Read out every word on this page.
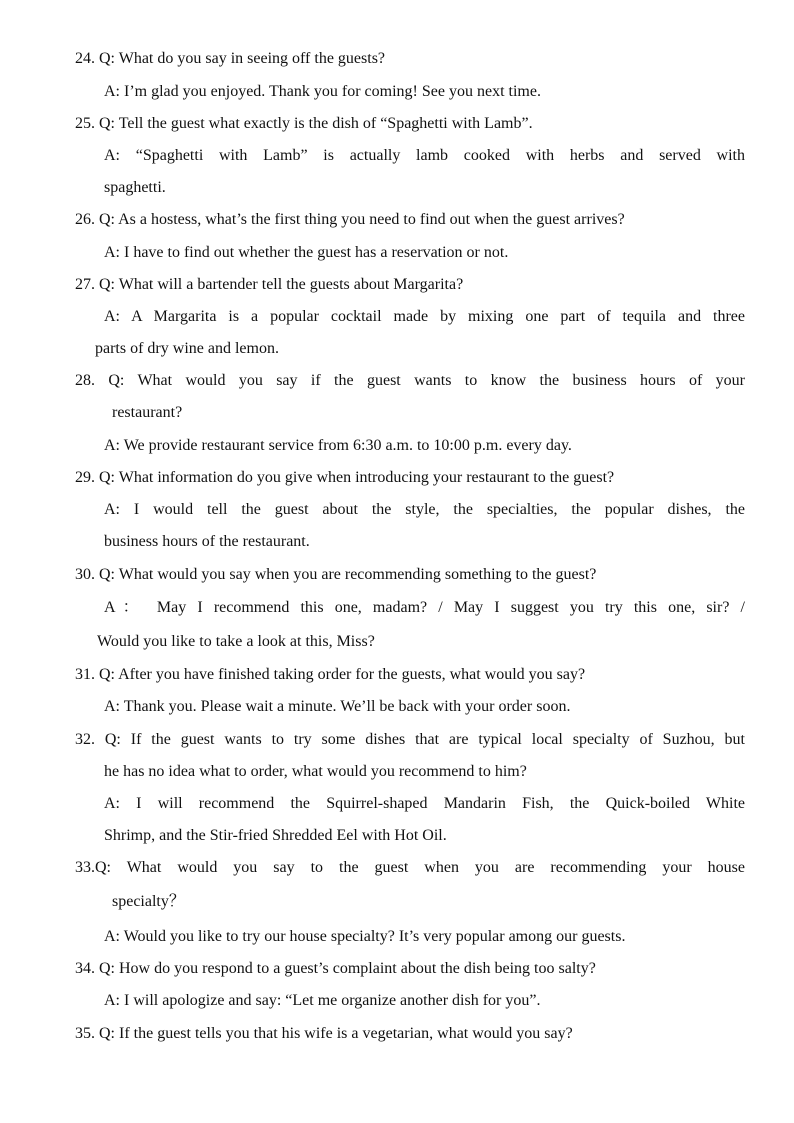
24. Q: What do you say in seeing off the guests?
A: I’m glad you enjoyed. Thank you for coming! See you next time.
25. Q: Tell the guest what exactly is the dish of “Spaghetti with Lamb”.
A: “Spaghetti with Lamb” is actually lamb cooked with herbs and served with
spaghetti.
26. Q: As a hostess, what’s the first thing you need to find out when the guest arrives?
A: I have to find out whether the guest has a reservation or not.
27. Q: What will a bartender tell the guests about Margarita?
A: A Margarita is a popular cocktail made by mixing one part of tequila and three
parts of dry wine and lemon.
28. Q: What would you say if the guest wants to know the business hours of your
restaurant?
A: We provide restaurant service from 6:30 a.m. to 10:00 p.m. every day.
29. Q: What information do you give when introducing your restaurant to the guest?
A: I would tell the guest about the style, the specialties, the popular dishes, the
business hours of the restaurant.
30. Q: What would you say when you are recommending something to the guest?
A： May I recommend this one, madam? / May I suggest you try this one, sir? /
Would you like to take a look at this, Miss?
31. Q: After you have finished taking order for the guests, what would you say?
A: Thank you. Please wait a minute. We’ll be back with your order soon.
32. Q: If the guest wants to try some dishes that are typical local specialty of Suzhou, but
he has no idea what to order, what would you recommend to him?
A: I will recommend the Squirrel-shaped Mandarin Fish, the Quick-boiled White
Shrimp, and the Stir-fried Shredded Eel with Hot Oil.
33.Q: What would you say to the guest when you are recommending your house
specialty？
A: Would you like to try our house specialty? It’s very popular among our guests.
34. Q: How do you respond to a guest’s complaint about the dish being too salty?
A: I will apologize and say: “Let me organize another dish for you”.
35. Q: If the guest tells you that his wife is a vegetarian, what would you say?
